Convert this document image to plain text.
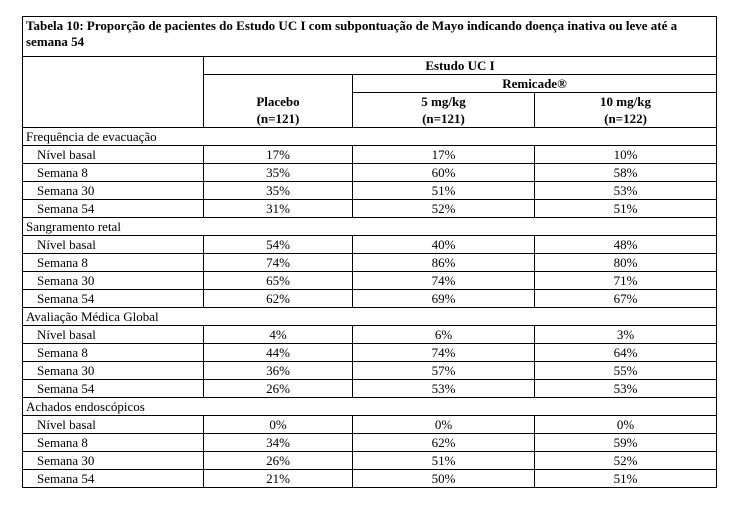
Tabela 10: Proporção de pacientes do Estudo UC I com subpontuação de Mayo indicando doença inativa ou leve até a semana 54			
	Estudo UC I		
		Remicade®	
	Placebo	5 mg/kg	10 mg/kg
	(n=121)	(n=121)	(n=122)
Frequência de evacuação			
Nível basal	17%	17%	10%
Semana 8	35%	60%	58%
Semana 30	35%	51%	53%
Semana 54	31%	52%	51%
Sangramento retal			
Nível basal	54%	40%	48%
Semana 8	74%	86%	80%
Semana 30	65%	74%	71%
Semana 54	62%	69%	67%
Avaliação Médica Global			
Nível basal	4%	6%	3%
Semana 8	44%	74%	64%
Semana 30	36%	57%	55%
Semana 54	26%	53%	53%
Achados endoscópicos			
Nível basal	0%	0%	0%
Semana 8	34%	62%	59%
Semana 30	26%	51%	52%
Semana 54	21%	50%	51%
